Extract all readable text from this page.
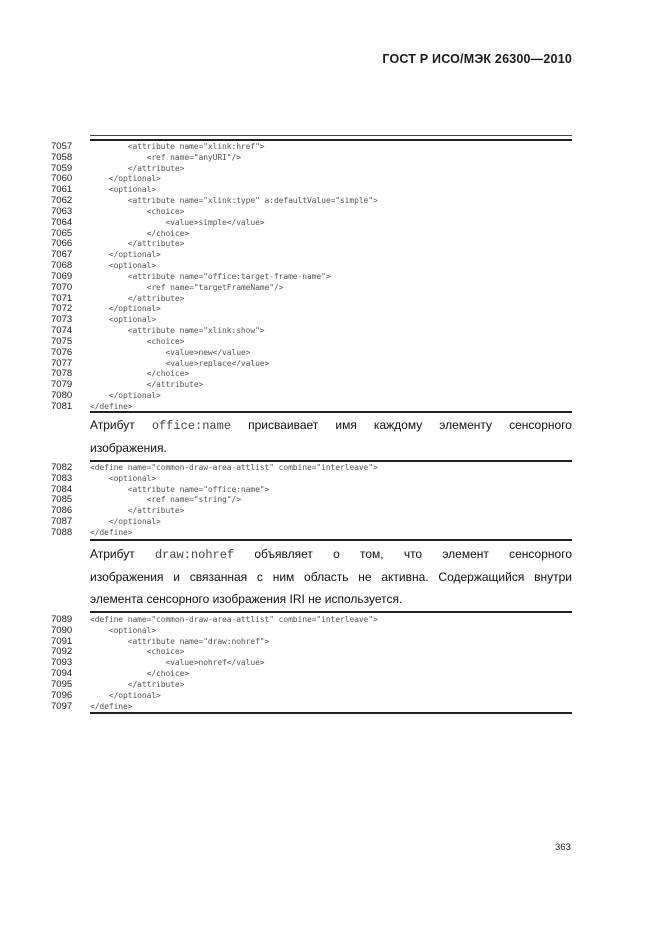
ГОСТ Р ИСО/МЭК 26300—2010
7057	<attribute name="xlink:href">
7058	<ref name="anyURI"/>
7059	</attribute>
7060	</optional>
7061	<optional>
7062	<attribute name="xlink:type" a:defaultValue="simple">
7063	<choice>
7064	<value>simple</value>
7065	</choice>
7066	</attribute>
7067	</optional>
7068	<optional>
7069	<attribute name="office:target-frame-name">
7070	<ref name="targetFrameName"/>
7071	</attribute>
7072	</optional>
7073	<optional>
7074	<attribute name="xlink:show">
7075	<choice>
7076	<value>new</value>
7077	<value>replace</value>
7078	</choice>
7079	</attribute>
7080	</optional>
7081	</define>
Атрибут office:name присваивает имя каждому элементу сенсорного
изображения.
7082	<define name="common-draw-area-attlist" combine="interleave">
7083	<optional>
7084	<attribute name="office:name">
7085	<ref name="string"/>
7086	</attribute>
7087	</optional>
7088	</define>
Атрибут draw:nohref объявляет о том, что элемент сенсорного
изображения и связанная с ним область не активна. Содержащийся внутри
элемента сенсорного изображения IRI не используется.
7089	<define name="common-draw-area-attlist" combine="interleave">
7090	<optional>
7091	<attribute name="draw:nohref">
7092	<choice>
7093	<value>nohref</value>
7094	</choice>
7095	</attribute>
7096	</optional>
7097	</define>
363
